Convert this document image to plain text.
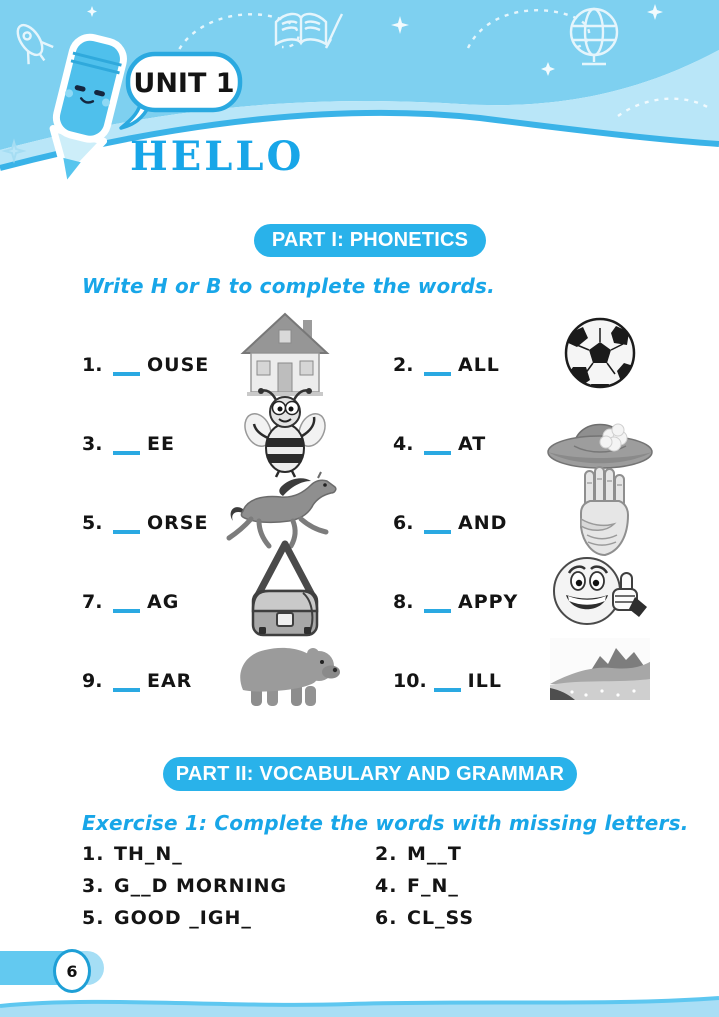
UNIT 1
HELLO
PART I: PHONETICS
Write H or B to complete the words.
1. OUSE	2. ALL
3. EE	4. AT
5. ORSE	6. AND
7. AG	8. APPY
9. EAR	10. ILL
PART II: VOCABULARY AND GRAMMAR
Exercise 1: Complete the words with missing letters.
1. TH_N_	2. M__T
3. G__D MORNING	4. F_N_
5. GOOD _IGH_	6. CL_SS
6
